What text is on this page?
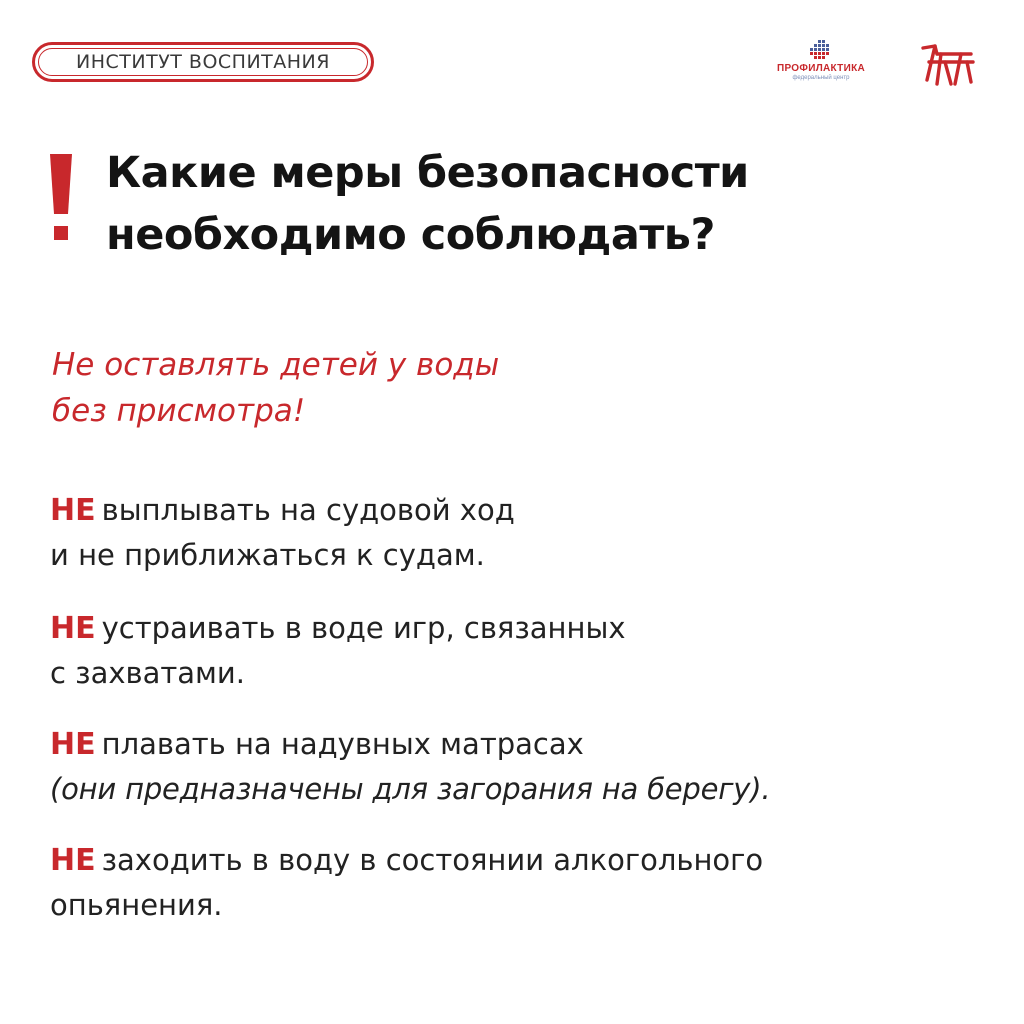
ИНСТИТУТ ВОСПИТАНИЯ	ПРОФИЛАКТИКА
федеральный центр
Какие меры безопасности
необходимо соблюдать?

Не оставлять детей у воды
без присмотра!

НЕ выплывать на судовой ход
и не приближаться к судам.

НЕ устраивать в воде игр, связанных
с захватами.

НЕ плавать на надувных матрасах
(они предназначены для загорания на берегу).

НЕ заходить в воду в состоянии алкогольного
опьянения.
